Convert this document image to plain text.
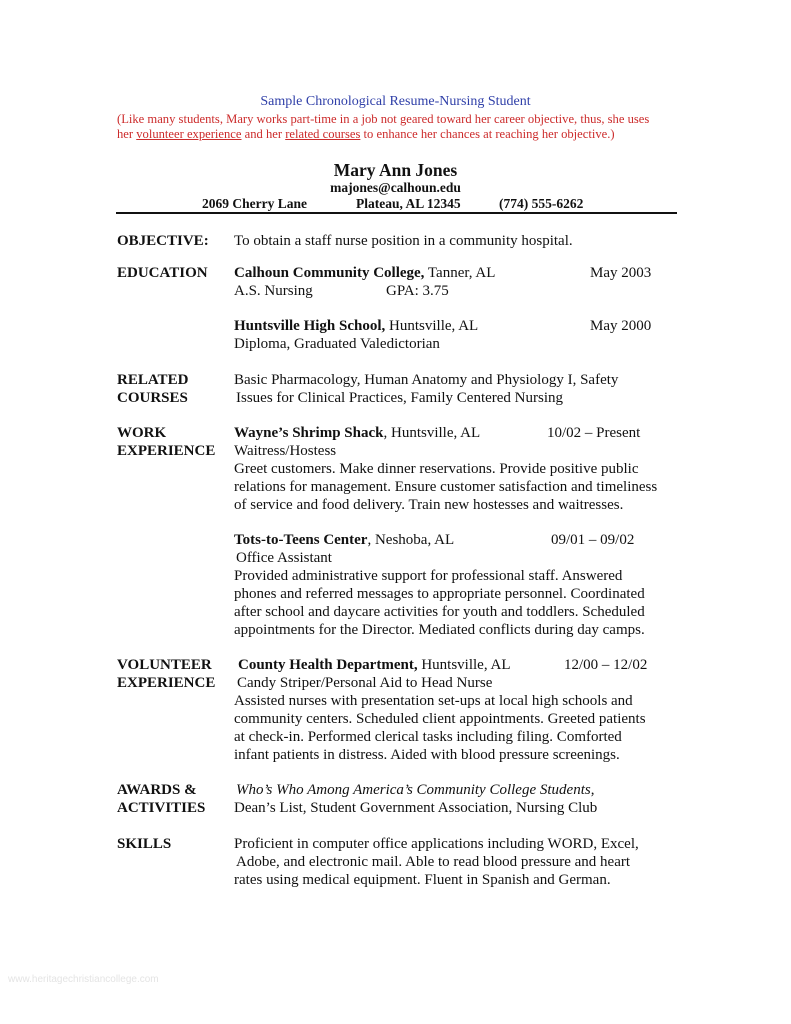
Sample Chronological Resume-Nursing Student
(Like many students, Mary works part-time in a job not geared toward her career objective, thus, she uses
her volunteer experience and her related courses to enhance her chances at reaching her objective.)
Mary Ann Jones
majones@calhoun.edu
2069 Cherry Lane	Plateau, AL 12345	(774) 555-6262
OBJECTIVE: To obtain a staff nurse position in a community hospital.
EDUCATION Calhoun Community College, Tanner, AL	May 2003
A.S. Nursing	GPA: 3.75
Huntsville High School, Huntsville, AL	May 2000
Diploma, Graduated Valedictorian
RELATED
COURSES
Basic Pharmacology, Human Anatomy and Physiology I, Safety
Issues for Clinical Practices, Family Centered Nursing
WORK
EXPERIENCE
Wayne’s Shrimp Shack, Huntsville, AL	10/02 – Present
Waitress/Hostess
Greet customers. Make dinner reservations. Provide positive public
relations for management. Ensure customer satisfaction and timeliness
of service and food delivery. Train new hostesses and waitresses.
Tots-to-Teens Center, Neshoba, AL	09/01 – 09/02
Office Assistant
Provided administrative support for professional staff. Answered
phones and referred messages to appropriate personnel. Coordinated
after school and daycare activities for youth and toddlers. Scheduled
appointments for the Director. Mediated conflicts during day camps.
VOLUNTEER
EXPERIENCE
County Health Department, Huntsville, AL	12/00 – 12/02
Candy Striper/Personal Aid to Head Nurse
Assisted nurses with presentation set-ups at local high schools and
community centers. Scheduled client appointments. Greeted patients
at check-in. Performed clerical tasks including filing. Comforted
infant patients in distress. Aided with blood pressure screenings.
AWARDS &
ACTIVITIES
Who’s Who Among America’s Community College Students,
Dean’s List, Student Government Association, Nursing Club
SKILLS	Proficient in computer office applications including WORD, Excel,
Adobe, and electronic mail. Able to read blood pressure and heart
rates using medical equipment. Fluent in Spanish and German.
www.heritagechristiancollege.com
